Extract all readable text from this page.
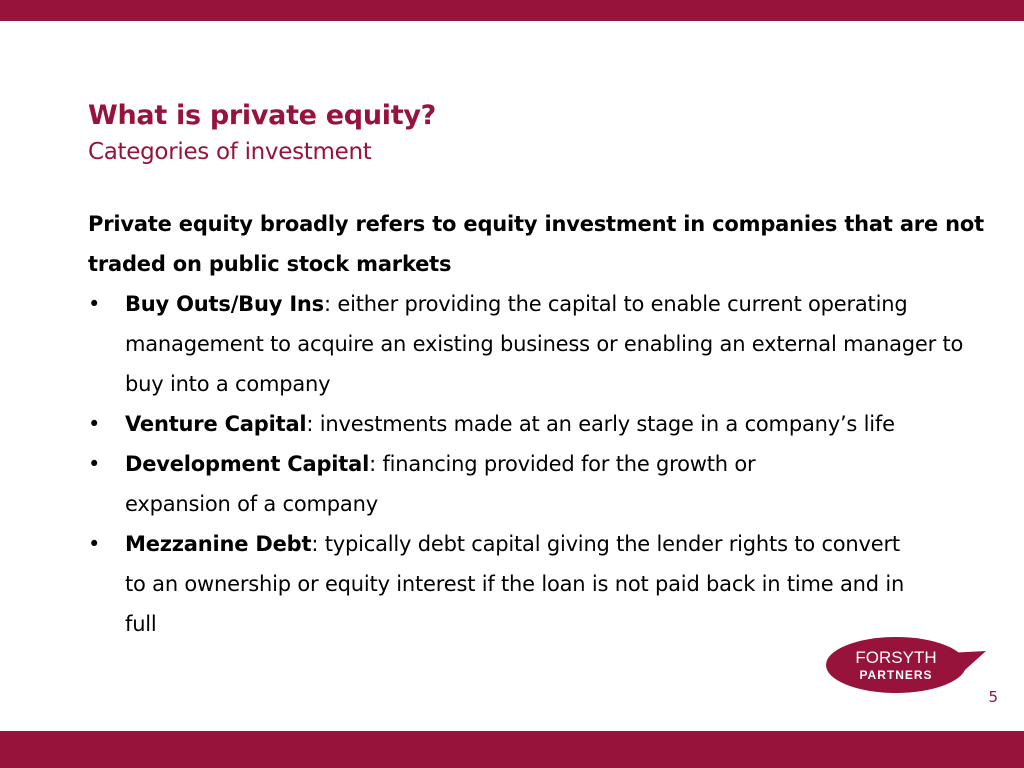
What is private equity?
Categories of investment
Private equity broadly refers to equity investment in companies that are not traded on public stock markets
• Buy Outs/Buy Ins: either providing the capital to enable current operating management to acquire an existing business or enabling an external manager to buy into a company
• Venture Capital: investments made at an early stage in a company’s life
• Development Capital: financing provided for the growth or expansion of a company
• Mezzanine Debt: typically debt capital giving the lender rights to convert to an ownership or equity interest if the loan is not paid back in time and in full
FORSYTH
PARTNERS
5
